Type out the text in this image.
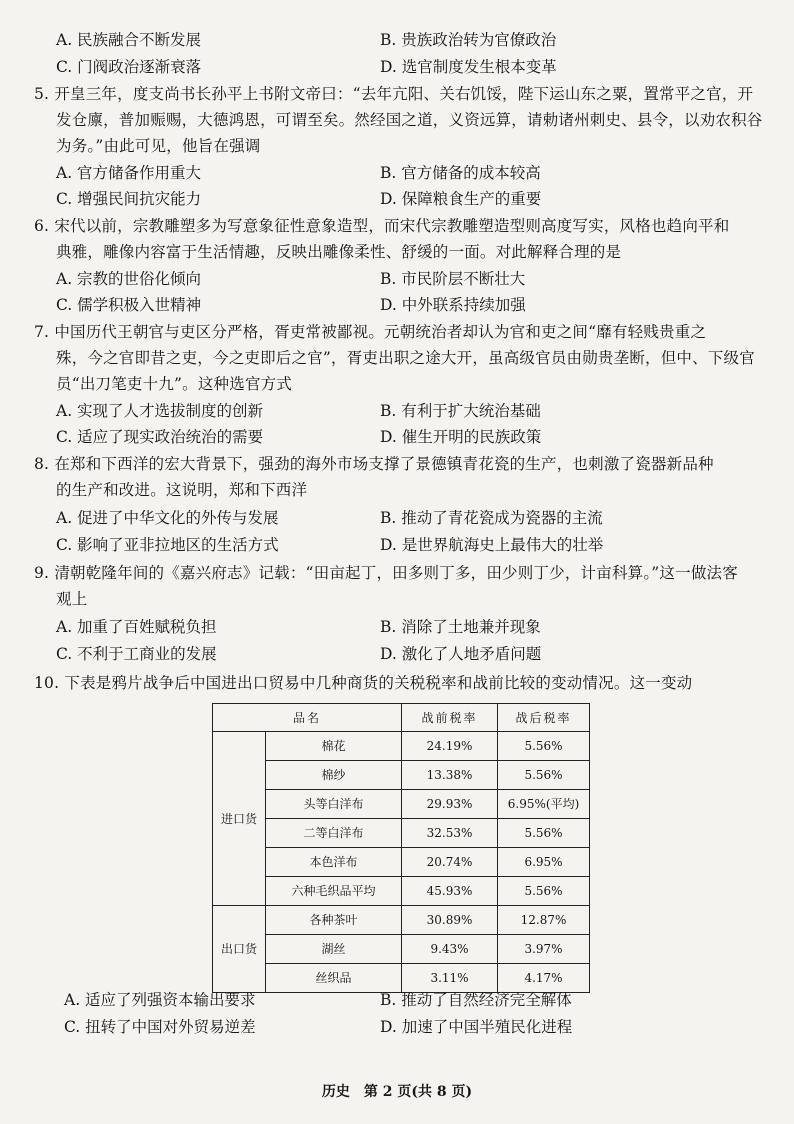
A. 民族融合不断发展	B. 贵族政治转为官僚政治
C. 门阀政治逐渐衰落	D. 选官制度发生根本变革
5. 开皇三年，度支尚书长孙平上书附文帝曰：“去年亢阳、关右饥馁，陛下运山东之粟，置常平之官，开
发仓廪，普加赈赐，大德鸿恩，可谓至矣。然经国之道，义资远算，请勅诸州刺史、县令，以劝农积谷
为务。”由此可见，他旨在强调
A. 官方储备作用重大	B. 官方储备的成本较高
C. 增强民间抗灾能力	D. 保障粮食生产的重要
6. 宋代以前，宗教雕塑多为写意象征性意象造型，而宋代宗教雕塑造型则高度写实，风格也趋向平和
典雅，雕像内容富于生活情趣，反映出雕像柔性、舒缓的一面。对此解释合理的是
A. 宗教的世俗化倾向	B. 市民阶层不断壮大
C. 儒学积极入世精神	D. 中外联系持续加强
7. 中国历代王朝官与吏区分严格，胥吏常被鄙视。元朝统治者却认为官和吏之间“靡有轻贱贵重之
殊，今之官即昔之吏，今之吏即后之官”，胥吏出职之途大开，虽高级官员由勋贵垄断，但中、下级官
员“出刀笔吏十九”。这种选官方式
A. 实现了人才选拔制度的创新	B. 有利于扩大统治基础
C. 适应了现实政治统治的需要	D. 催生开明的民族政策
8. 在郑和下西洋的宏大背景下，强劲的海外市场支撑了景德镇青花瓷的生产，也刺激了瓷器新品种
的生产和改进。这说明，郑和下西洋
A. 促进了中华文化的外传与发展	B. 推动了青花瓷成为瓷器的主流
C. 影响了亚非拉地区的生活方式	D. 是世界航海史上最伟大的壮举
9. 清朝乾隆年间的《嘉兴府志》记载：“田亩起丁，田多则丁多，田少则丁少，计亩科算。”这一做法客
观上
A. 加重了百姓赋税负担	B. 消除了土地兼并现象
C. 不利于工商业的发展	D. 激化了人地矛盾问题
10. 下表是鸦片战争后中国进出口贸易中几种商货的关税税率和战前比较的变动情况。这一变动
品名		战前税率	战后税率
进口货	棉花	24.19%	5.56%
	棉纱	13.38%	5.56%
	头等白洋布	29.93%	6.95%(平均)
	二等白洋布	32.53%	5.56%
	本色洋布	20.74%	6.95%
	六种毛织品平均	45.93%	5.56%
出口货	各种茶叶	30.89%	12.87%
	湖丝	9.43%	3.97%
	丝织品	3.11%	4.17%
A. 适应了列强资本输出要求	B. 推动了自然经济完全解体
C. 扭转了中国对外贸易逆差	D. 加速了中国半殖民化进程
历史　第 2 页(共 8 页)
